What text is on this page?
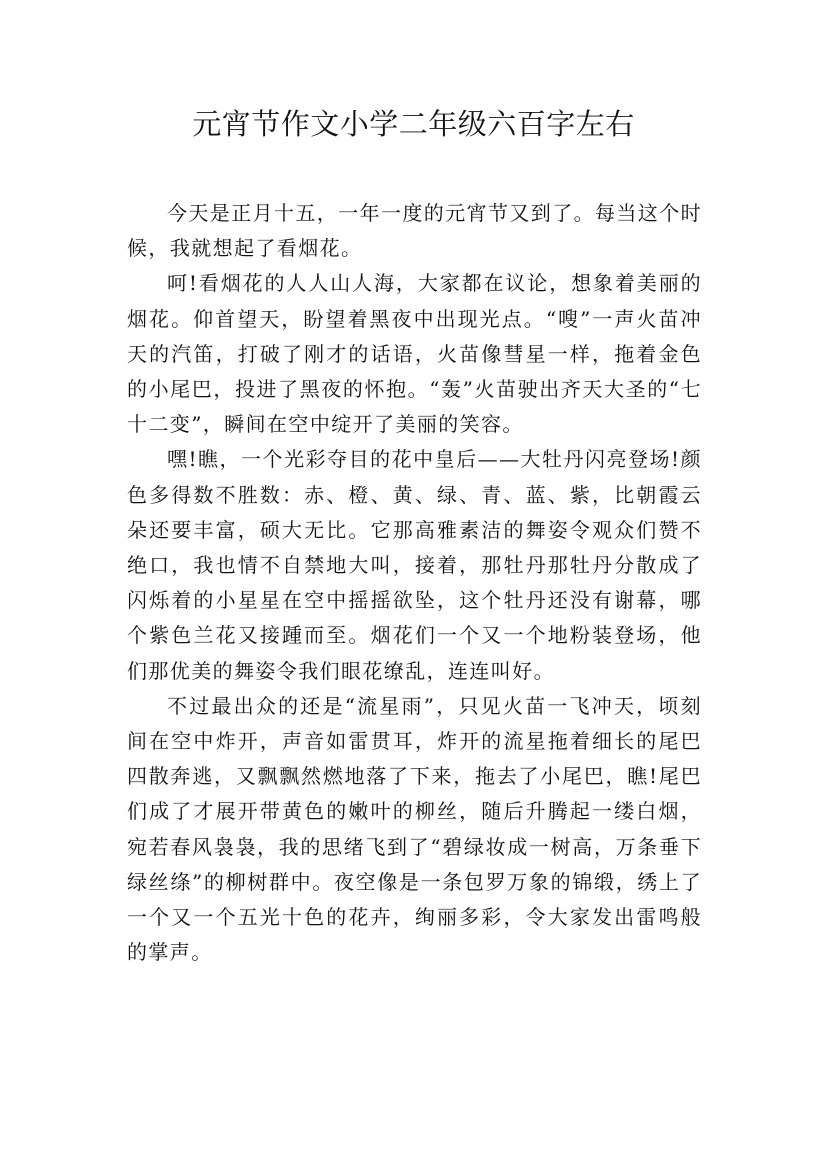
元宵节作文小学二年级六百字左右

今天是正月十五，一年一度的元宵节又到了。每当这个时候，我就想起了看烟花。

呵!看烟花的人人山人海，大家都在议论，想象着美丽的烟花。仰首望天，盼望着黑夜中出现光点。“嗖”一声火苗冲天的汽笛，打破了刚才的话语，火苗像彗星一样，拖着金色的小尾巴，投进了黑夜的怀抱。“轰”火苗驶出齐天大圣的“七十二变”，瞬间在空中绽开了美丽的笑容。

嘿!瞧，一个光彩夺目的花中皇后——大牡丹闪亮登场!颜色多得数不胜数：赤、橙、黄、绿、青、蓝、紫，比朝霞云朵还要丰富，硕大无比。它那高雅素洁的舞姿令观众们赞不绝口，我也情不自禁地大叫，接着，那牡丹那牡丹分散成了闪烁着的小星星在空中摇摇欲坠，这个牡丹还没有谢幕，哪个紫色兰花又接踵而至。烟花们一个又一个地粉装登场，他们那优美的舞姿令我们眼花缭乱，连连叫好。

不过最出众的还是“流星雨”，只见火苗一飞冲天，顷刻间在空中炸开，声音如雷贯耳，炸开的流星拖着细长的尾巴四散奔逃，又飘飘然燃地落了下来，拖去了小尾巴，瞧!尾巴们成了才展开带黄色的嫩叶的柳丝，随后升腾起一缕白烟，宛若春风袅袅，我的思绪飞到了“碧绿妆成一树高，万条垂下绿丝绦”的柳树群中。夜空像是一条包罗万象的锦缎，绣上了一个又一个五光十色的花卉，绚丽多彩，令大家发出雷鸣般的掌声。
